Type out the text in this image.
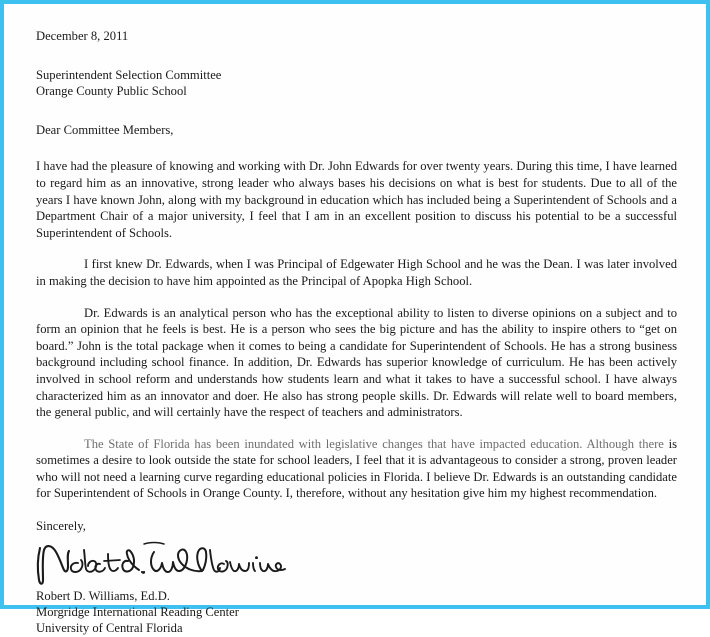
December 8, 2011

Superintendent Selection Committee

Orange County Public School

Dear Committee Members,

I have had the pleasure of knowing and working with Dr. John Edwards for over twenty years. During this time, I have learned to regard him as an innovative, strong leader who always bases his decisions on what is best for students. Due to all of the years I have known John, along with my background in education which has included being a Superintendent of Schools and a Department Chair of a major university, I feel that I am in an excellent position to discuss his potential to be a successful Superintendent of Schools.

I first knew Dr. Edwards, when I was Principal of Edgewater High School and he was the Dean. I was later involved in making the decision to have him appointed as the Principal of Apopka High School.

Dr. Edwards is an analytical person who has the exceptional ability to listen to diverse opinions on a subject and to form an opinion that he feels is best. He is a person who sees the big picture and has the ability to inspire others to “get on board.” John is the total package when it comes to being a candidate for Superintendent of Schools. He has a strong business background including school finance. In addition, Dr. Edwards has superior knowledge of curriculum. He has been actively involved in school reform and understands how students learn and what it takes to have a successful school. I have always characterized him as an innovator and doer. He also has strong people skills. Dr. Edwards will relate well to board members, the general public, and will certainly have the respect of teachers and administrators.

The State of Florida has been inundated with legislative changes that have impacted education. Although there is sometimes a desire to look outside the state for school leaders, I feel that it is advantageous to consider a strong, proven leader who will not need a learning curve regarding educational policies in Florida. I believe Dr. Edwards is an outstanding candidate for Superintendent of Schools in Orange County. I, therefore, without any hesitation give him my highest recommendation.

Sincerely,

Robert D. Williams, Ed.D.

Morgridge International Reading Center

University of Central Florida
